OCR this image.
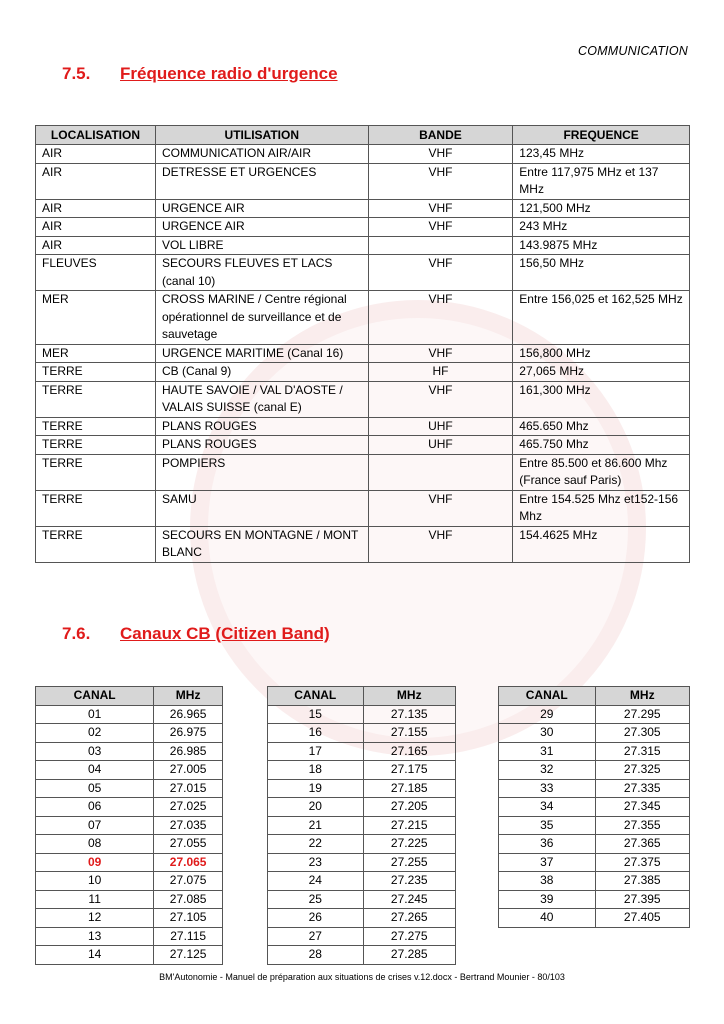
COMMUNICATION
7.5. Fréquence radio d'urgence
LOCALISATION	UTILISATION	BANDE	FREQUENCE
AIR	COMMUNICATION AIR/AIR	VHF	123,45 MHz
AIR	DETRESSE ET URGENCES	VHF	Entre 117,975 MHz et 137 MHz
AIR	URGENCE AIR	VHF	121,500 MHz
AIR	URGENCE AIR	VHF	243 MHz
AIR	VOL LIBRE		143.9875 MHz
FLEUVES	SECOURS FLEUVES ET LACS (canal 10)	VHF	156,50 MHz
MER	CROSS MARINE / Centre régional opérationnel de surveillance et de sauvetage	VHF	Entre 156,025 et 162,525 MHz
MER	URGENCE MARITIME (Canal 16)	VHF	156,800 MHz
TERRE	CB (Canal 9)	HF	27,065 MHz
TERRE	HAUTE SAVOIE / VAL D'AOSTE / VALAIS SUISSE (canal E)	VHF	161,300 MHz
TERRE	PLANS ROUGES	UHF	465.650 Mhz
TERRE	PLANS ROUGES	UHF	465.750 Mhz
TERRE	POMPIERS		Entre 85.500 et 86.600 Mhz (France sauf Paris)
TERRE	SAMU	VHF	Entre 154.525 Mhz et152-156 Mhz
TERRE	SECOURS EN MONTAGNE / MONT BLANC	VHF	154.4625 MHz
7.6. Canaux CB (Citizen Band)
CANAL	MHz
01	26.965
02	26.975
03	26.985
04	27.005
05	27.015
06	27.025
07	27.035
08	27.055
09	27.065
10	27.075
11	27.085
12	27.105
13	27.115
14	27.125
CANAL	MHz
15	27.135
16	27.155
17	27.165
18	27.175
19	27.185
20	27.205
21	27.215
22	27.225
23	27.255
24	27.235
25	27.245
26	27.265
27	27.275
28	27.285
CANAL	MHz
29	27.295
30	27.305
31	27.315
32	27.325
33	27.335
34	27.345
35	27.355
36	27.365
37	27.375
38	27.385
39	27.395
40	27.405
BM'Autonomie - Manuel de préparation aux situations de crises v.12.docx - Bertrand Mounier - 80/103
